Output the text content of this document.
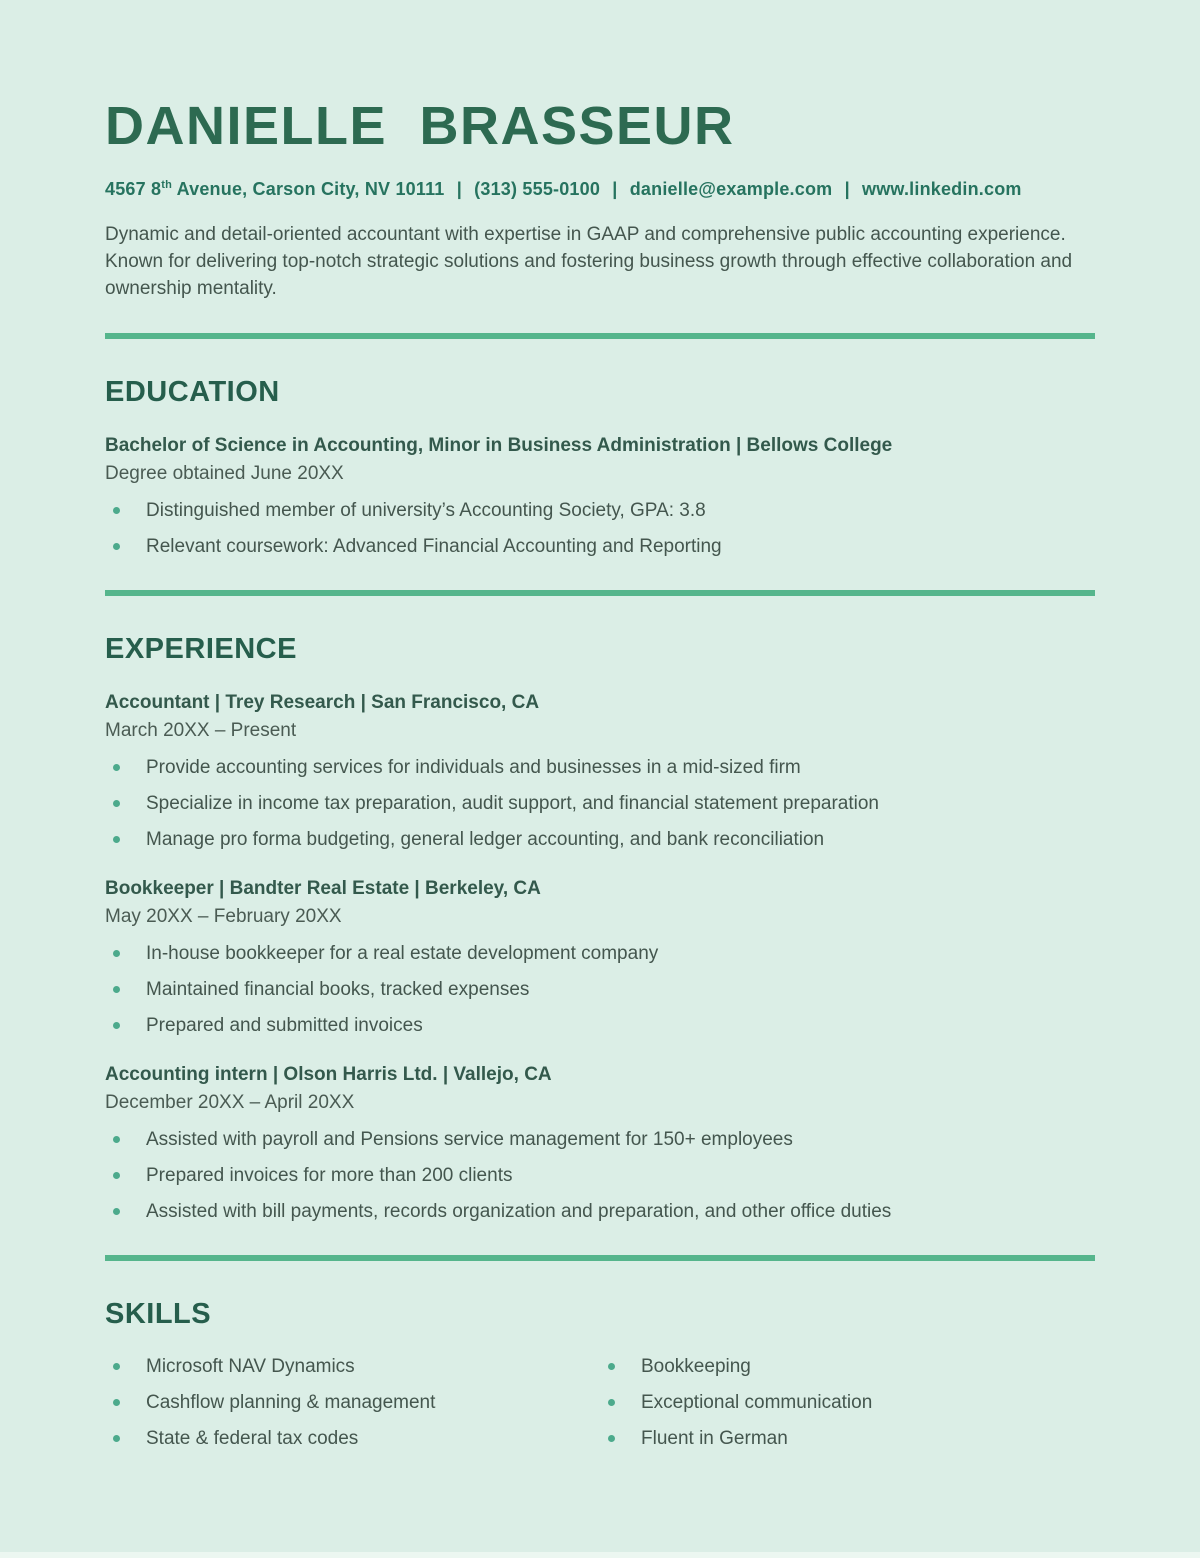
DANIELLE BRASSEUR

4567 8th Avenue, Carson City, NV 10111 | (313) 555-0100 | danielle@example.com | www.linkedin.com

Dynamic and detail-oriented accountant with expertise in GAAP and comprehensive public accounting experience. Known for delivering top-notch strategic solutions and fostering business growth through effective collaboration and ownership mentality.

EDUCATION

Bachelor of Science in Accounting, Minor in Business Administration | Bellows College

Degree obtained June 20XX

Distinguished member of university’s Accounting Society, GPA: 3.8
Relevant coursework: Advanced Financial Accounting and Reporting
EXPERIENCE

Accountant | Trey Research | San Francisco, CA

March 20XX – Present

Provide accounting services for individuals and businesses in a mid-sized firm
Specialize in income tax preparation, audit support, and financial statement preparation
Manage pro forma budgeting, general ledger accounting, and bank reconciliation

Bookkeeper | Bandter Real Estate | Berkeley, CA

May 20XX – February 20XX

In-house bookkeeper for a real estate development company
Maintained financial books, tracked expenses
Prepared and submitted invoices

Accounting intern | Olson Harris Ltd. | Vallejo, CA

December 20XX – April 20XX

Assisted with payroll and Pensions service management for 150+ employees
Prepared invoices for more than 200 clients
Assisted with bill payments, records organization and preparation, and other office duties
SKILLS
Microsoft NAV Dynamics
Cashflow planning & management
State & federal tax codes
Bookkeeping
Exceptional communication
Fluent in German
